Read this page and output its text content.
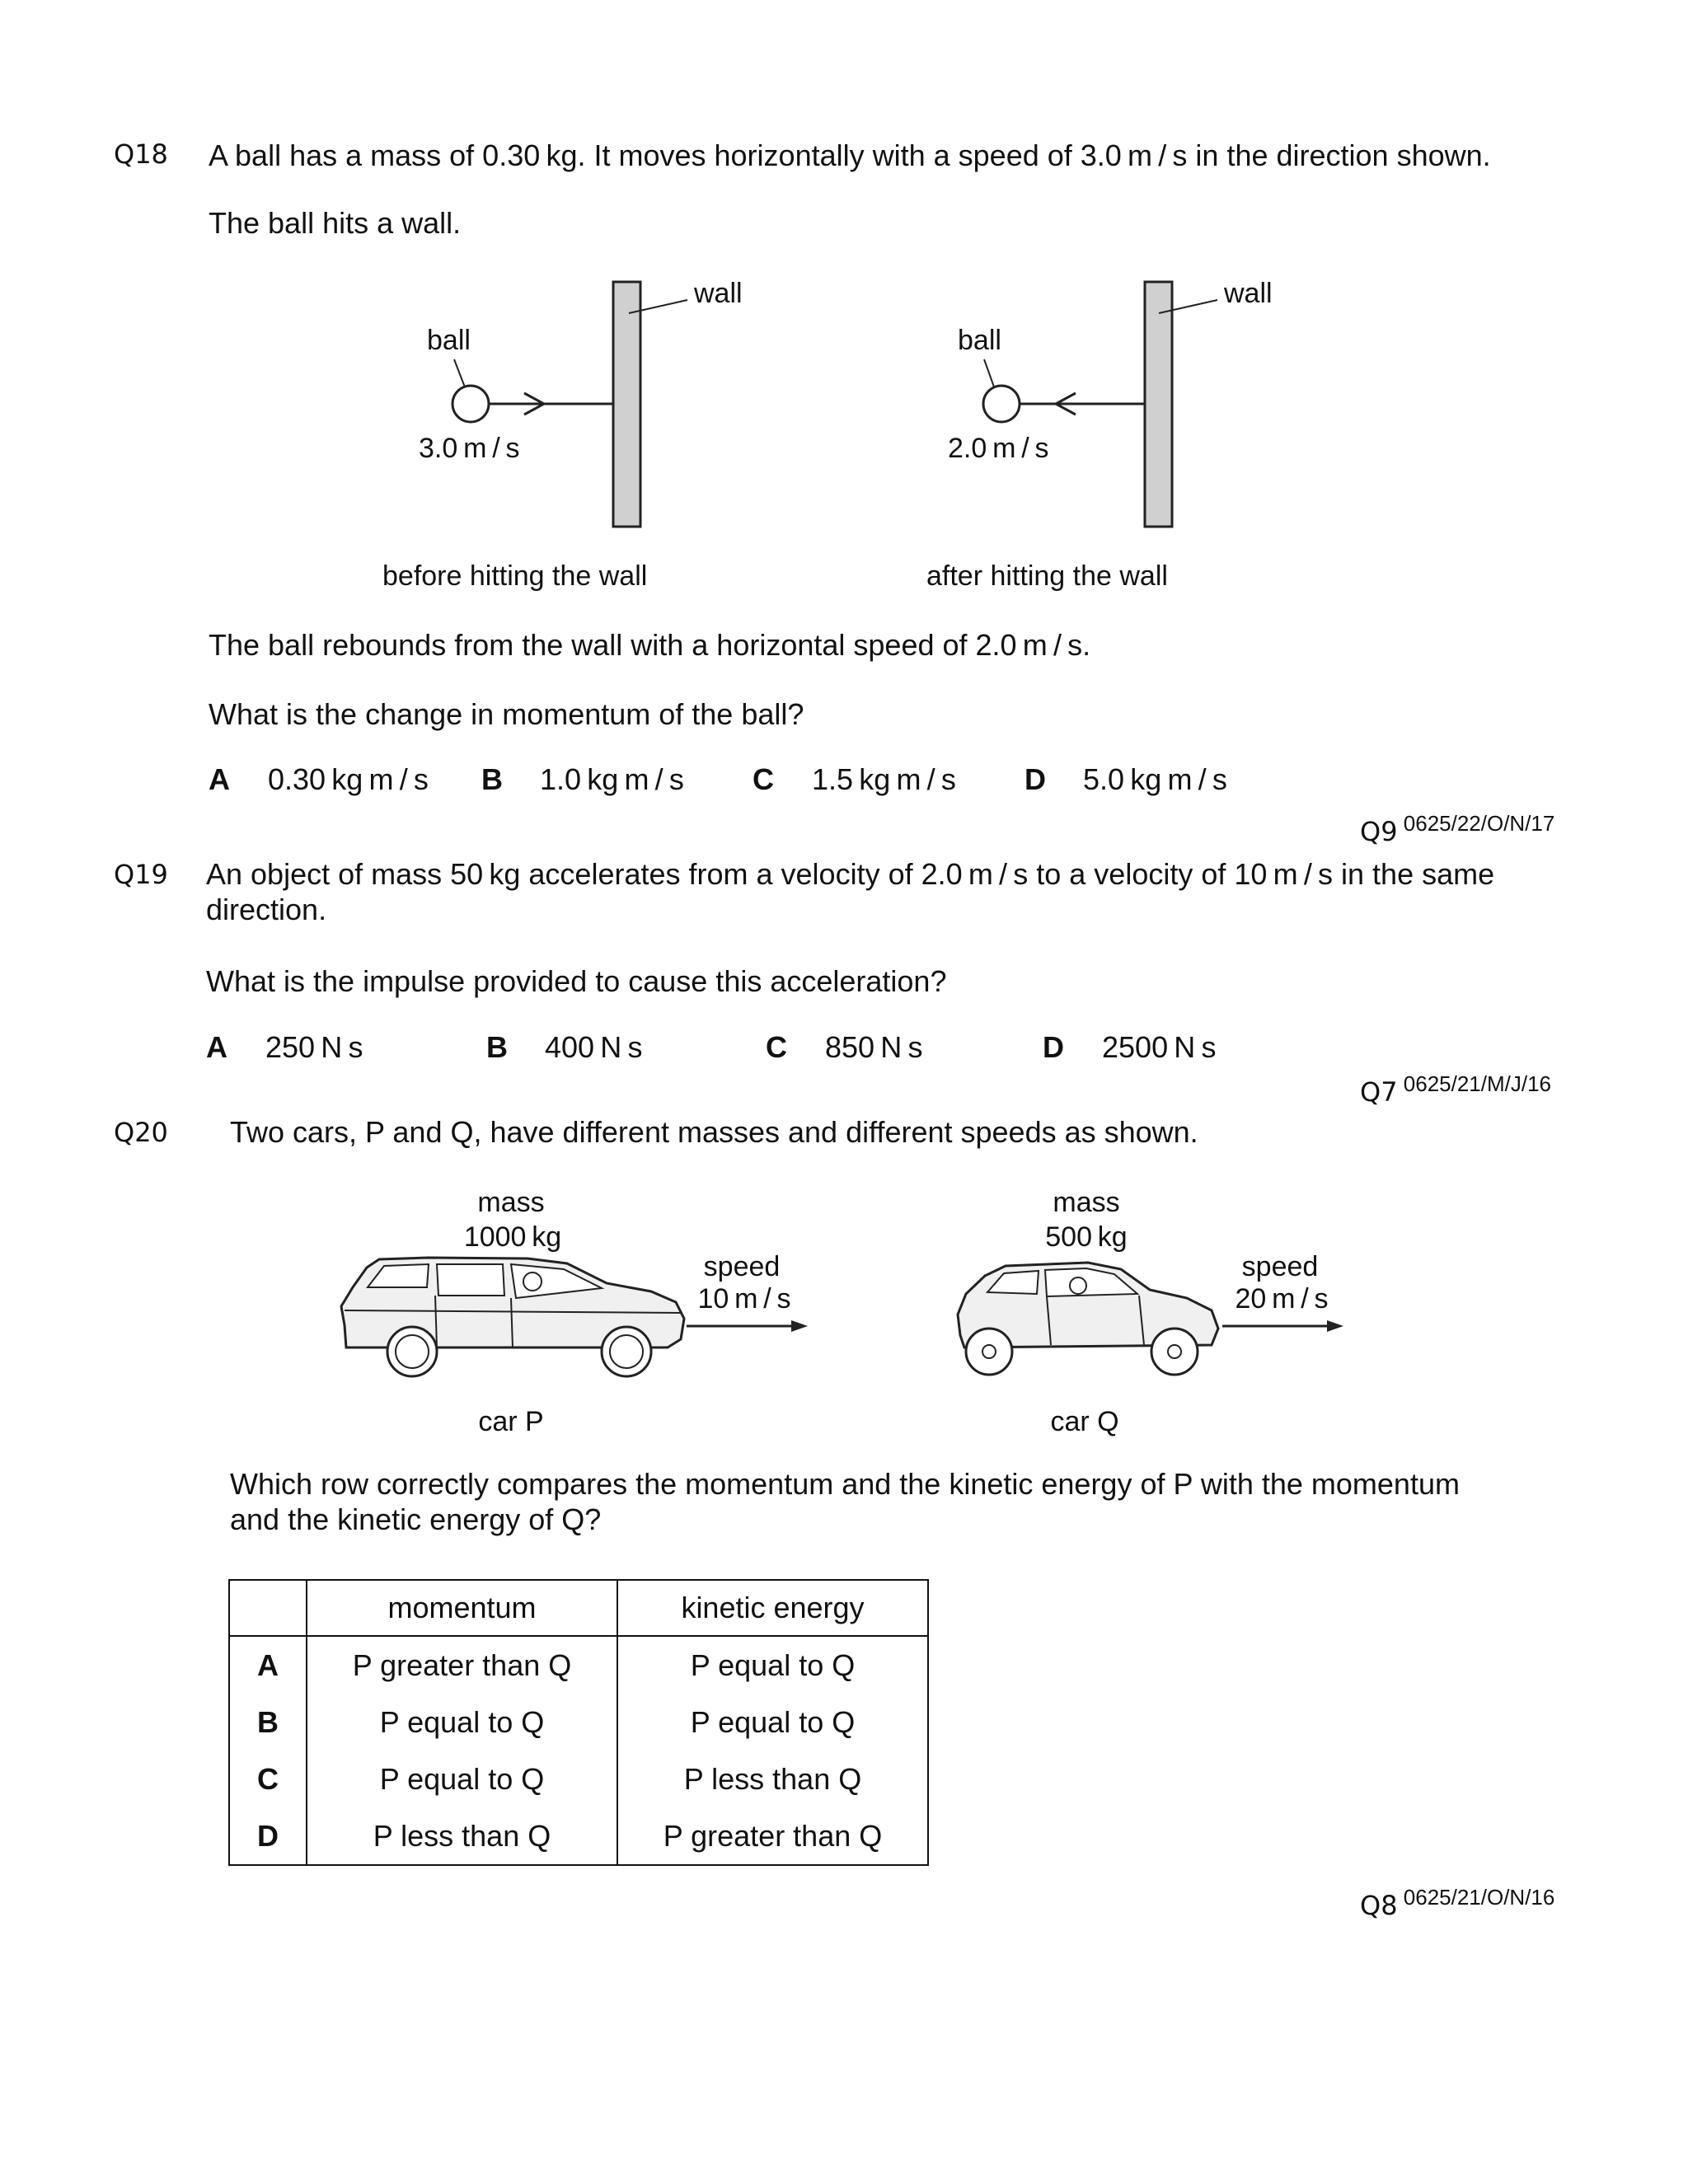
Q18 A ball has a mass of 0.30 kg. It moves horizontally with a speed of 3.0 m / s in the direction shown.
The ball hits a wall.
wall
ball
3.0 m / s
before hitting the wall
wall
ball
2.0 m / s
after hitting the wall
The ball rebounds from the wall with a horizontal speed of 2.0 m / s.
What is the change in momentum of the ball?
A 0.30 kg m / s B 1.0 kg m / s C 1.5 kg m / s D 5.0 kg m / s
Q9 0625/22/O/N/17
Q19 An object of mass 50 kg accelerates from a velocity of 2.0 m / s to a velocity of 10 m / s in the same
direction.
What is the impulse provided to cause this acceleration?
A 250 N s	B 400 N s	C 850 N s	D 2500 N s
Q7 0625/21/M/J/16
Q20 Two cars, P and Q, have different masses and different speeds as shown.
mass
1000 kg
speed
10 m / s
car P
mass
500 kg
speed
20 m / s
car Q
Which row correctly compares the momentum and the kinetic energy of P with the momentum
and the kinetic energy of Q?
	momentum	kinetic energy
A	P greater than Q	P equal to Q
B	P equal to Q	P equal to Q
C	P equal to Q	P less than Q
D	P less than Q	P greater than Q
Q8 0625/21/O/N/16
